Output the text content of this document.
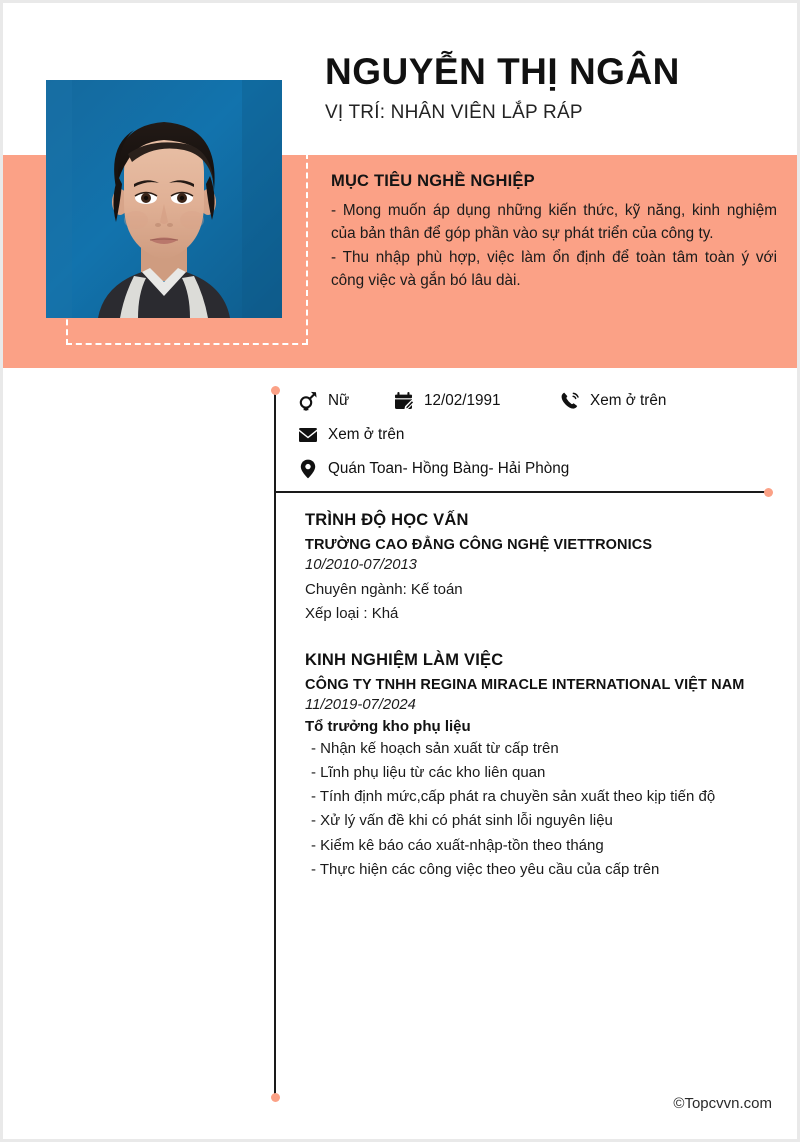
NGUYỄN THỊ NGÂN
VỊ TRÍ: NHÂN VIÊN LẮP RÁP
MỤC TIÊU NGHỀ NGHIỆP
- Mong muốn áp dụng những kiến thức, kỹ năng, kinh nghiệm của bản thân để góp phần vào sự phát triển của công ty.
- Thu nhập phù hợp, việc làm ổn định để toàn tâm toàn ý với công việc và gắn bó lâu dài.
Nữ	12/02/1991	Xem ở trên
Xem ở trên
Quán Toan- Hồng Bàng- Hải Phòng
TRÌNH ĐỘ HỌC VẤN
TRƯỜNG CAO ĐẲNG CÔNG NGHỆ VIETTRONICS
10/2010-07/2013
Chuyên ngành: Kế toán
Xếp loại : Khá
KINH NGHIỆM LÀM VIỆC
CÔNG TY TNHH REGINA MIRACLE INTERNATIONAL VIỆT NAM
11/2019-07/2024
Tổ trưởng kho phụ liệu
- Nhận kế hoạch sản xuất từ cấp trên
- Lĩnh phụ liệu từ các kho liên quan
- Tính định mức,cấp phát ra chuyền sản xuất theo kịp tiến độ
- Xử lý vấn đề khi có phát sinh lỗi nguyên liệu
- Kiểm kê báo cáo xuất-nhập-tồn theo tháng
- Thực hiện các công việc theo yêu cầu của cấp trên
©Topcvvn.com
